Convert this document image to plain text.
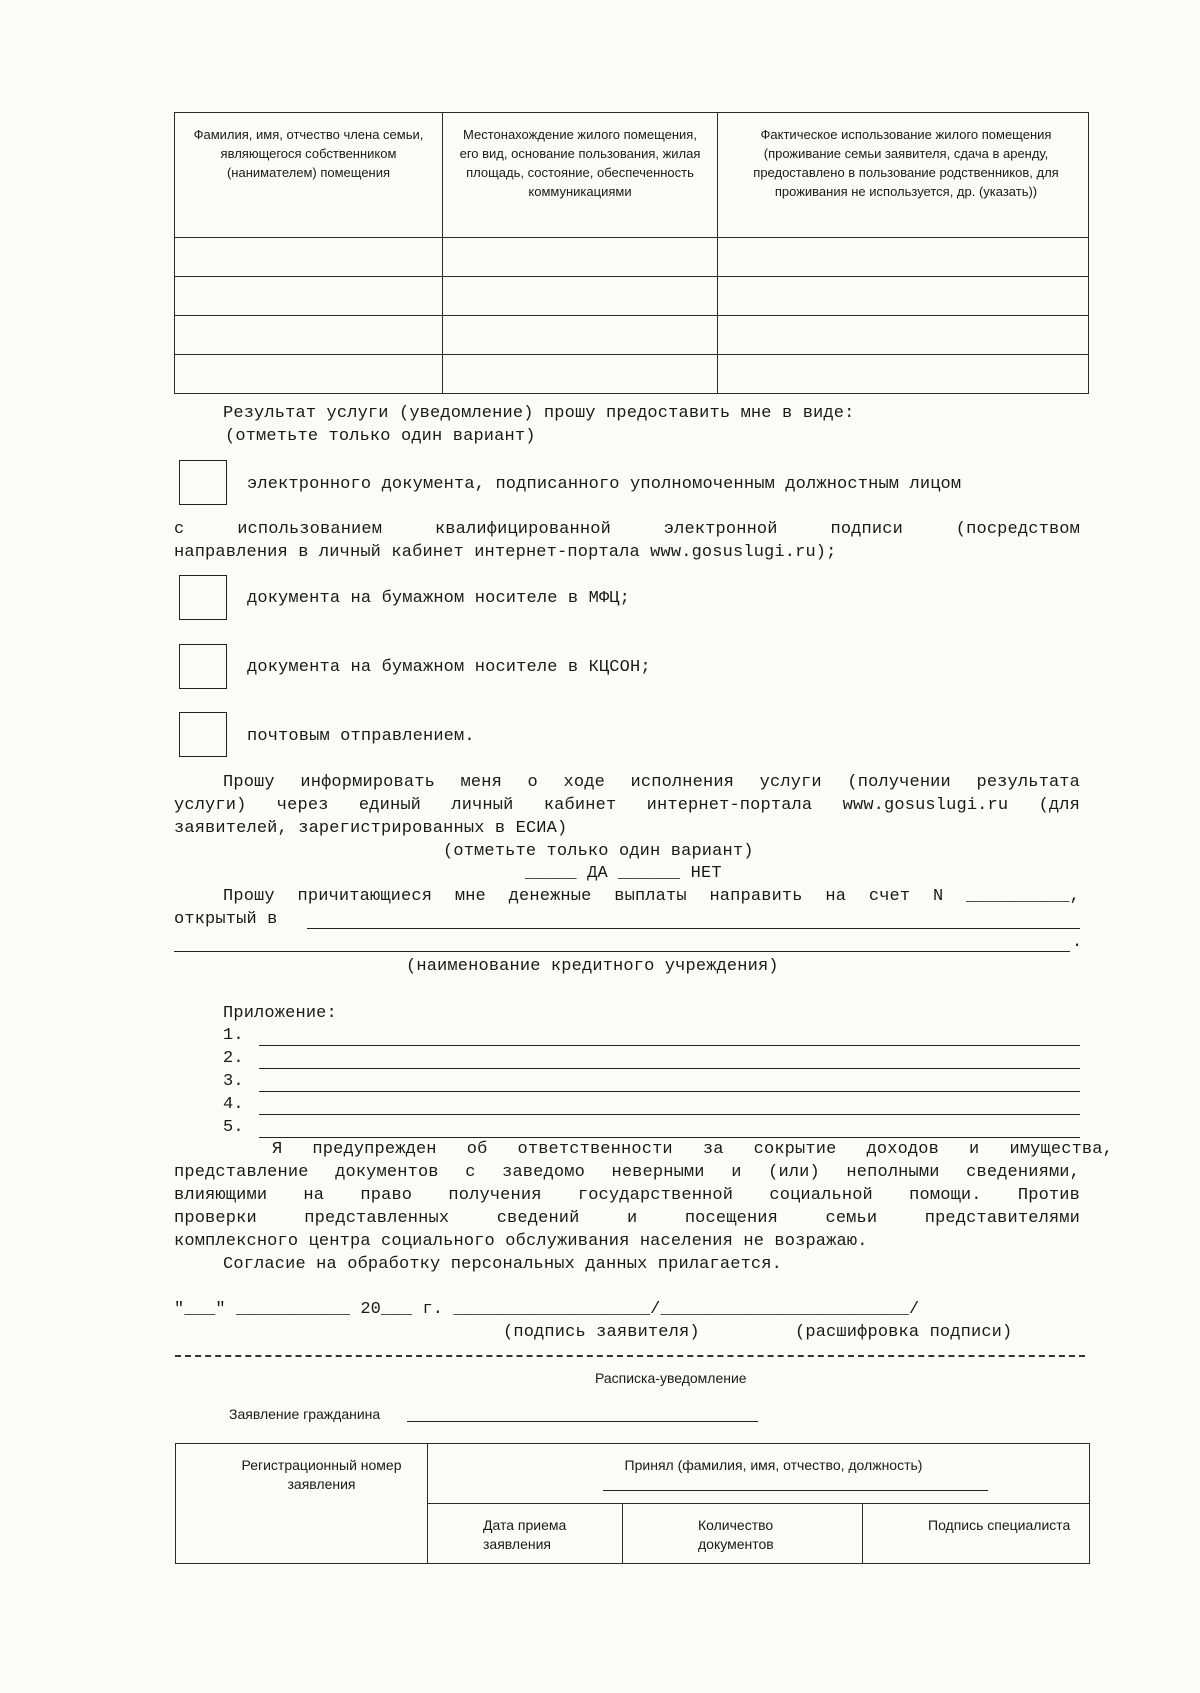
Фамилия, имя, отчество члена семьи, являющегося собственником (нанимателем) помещения	Местонахождение жилого помещения, его вид, основание пользования, жилая площадь, состояние, обеспеченность коммуникациями	Фактическое использование жилого помещения (проживание семьи заявителя, сдача в аренду, предоставлено в пользование родственников, для проживания не используется, др. (указать))

Результат услуги (уведомление) прошу предоставить мне в виде:
(отметьте только один вариант)
электронного документа, подписанного уполномоченным должностным лицом
с использованием квалифицированной электронной подписи (посредством
направления в личный кабинет интернет-портала www.gosuslugi.ru);
документа на бумажном носителе в МФЦ;
документа на бумажном носителе в КЦСОН;
почтовым отправлением.
Прошу информировать меня о ходе исполнения услуги (получении результата
услуги) через единый личный кабинет интернет-портала www.gosuslugi.ru (для
заявителей, зарегистрированных в ЕСИА)
(отметьте только один вариант)
_____ ДА ______ НЕТ
Прошу причитающиеся мне денежные выплаты направить на счет N __________,
открытый в
.
(наименование кредитного учреждения)
Приложение:
1.
2.
3.
4.
5.
Я предупрежден об ответственности за сокрытие доходов и имущества,
представление документов с заведомо неверными и (или) неполными сведениями,
влияющими на право получения государственной социальной помощи. Против
проверки представленных сведений и посещения семьи представителями
комплексного центра социального обслуживания населения не возражаю.
Согласие на обработку персональных данных прилагается.
"___" ___________ 20___ г. ___________________/________________________/
(подпись заявителя)	(расшифровка подписи)
Расписка-уведомление
Заявление гражданина
Регистрационный номер заявления	Принял (фамилия, имя, отчество, должность)		

	Дата приема заявления	Количество документов	Подпись специалиста
